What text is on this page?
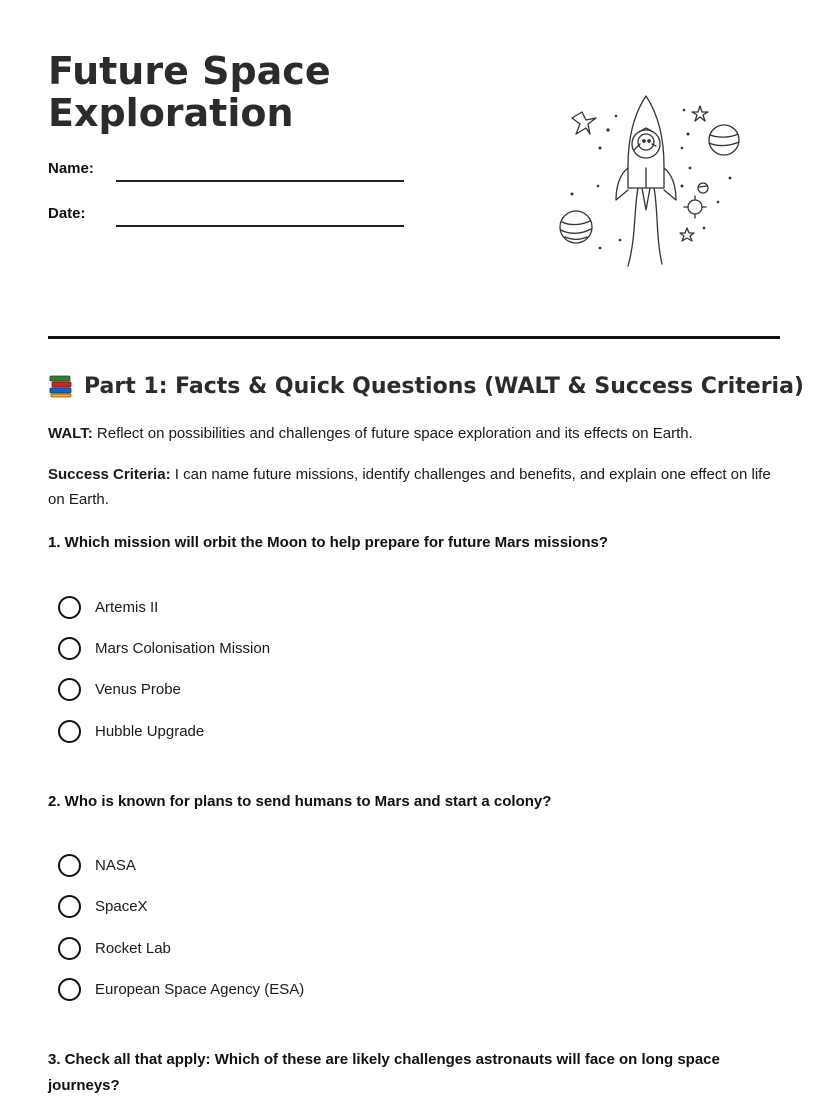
Future Space Exploration
Name:
Date:
Part 1: Facts & Quick Questions (WALT & Success Criteria)
WALT: Reflect on possibilities and challenges of future space exploration and its effects on Earth.
Success Criteria: I can name future missions, identify challenges and benefits, and explain one effect on life on Earth.
1. Which mission will orbit the Moon to help prepare for future Mars missions?
Artemis II
Mars Colonisation Mission
Venus Probe
Hubble Upgrade
2. Who is known for plans to send humans to Mars and start a colony?
NASA
SpaceX
Rocket Lab
European Space Agency (ESA)
3. Check all that apply: Which of these are likely challenges astronauts will face on long space journeys?
